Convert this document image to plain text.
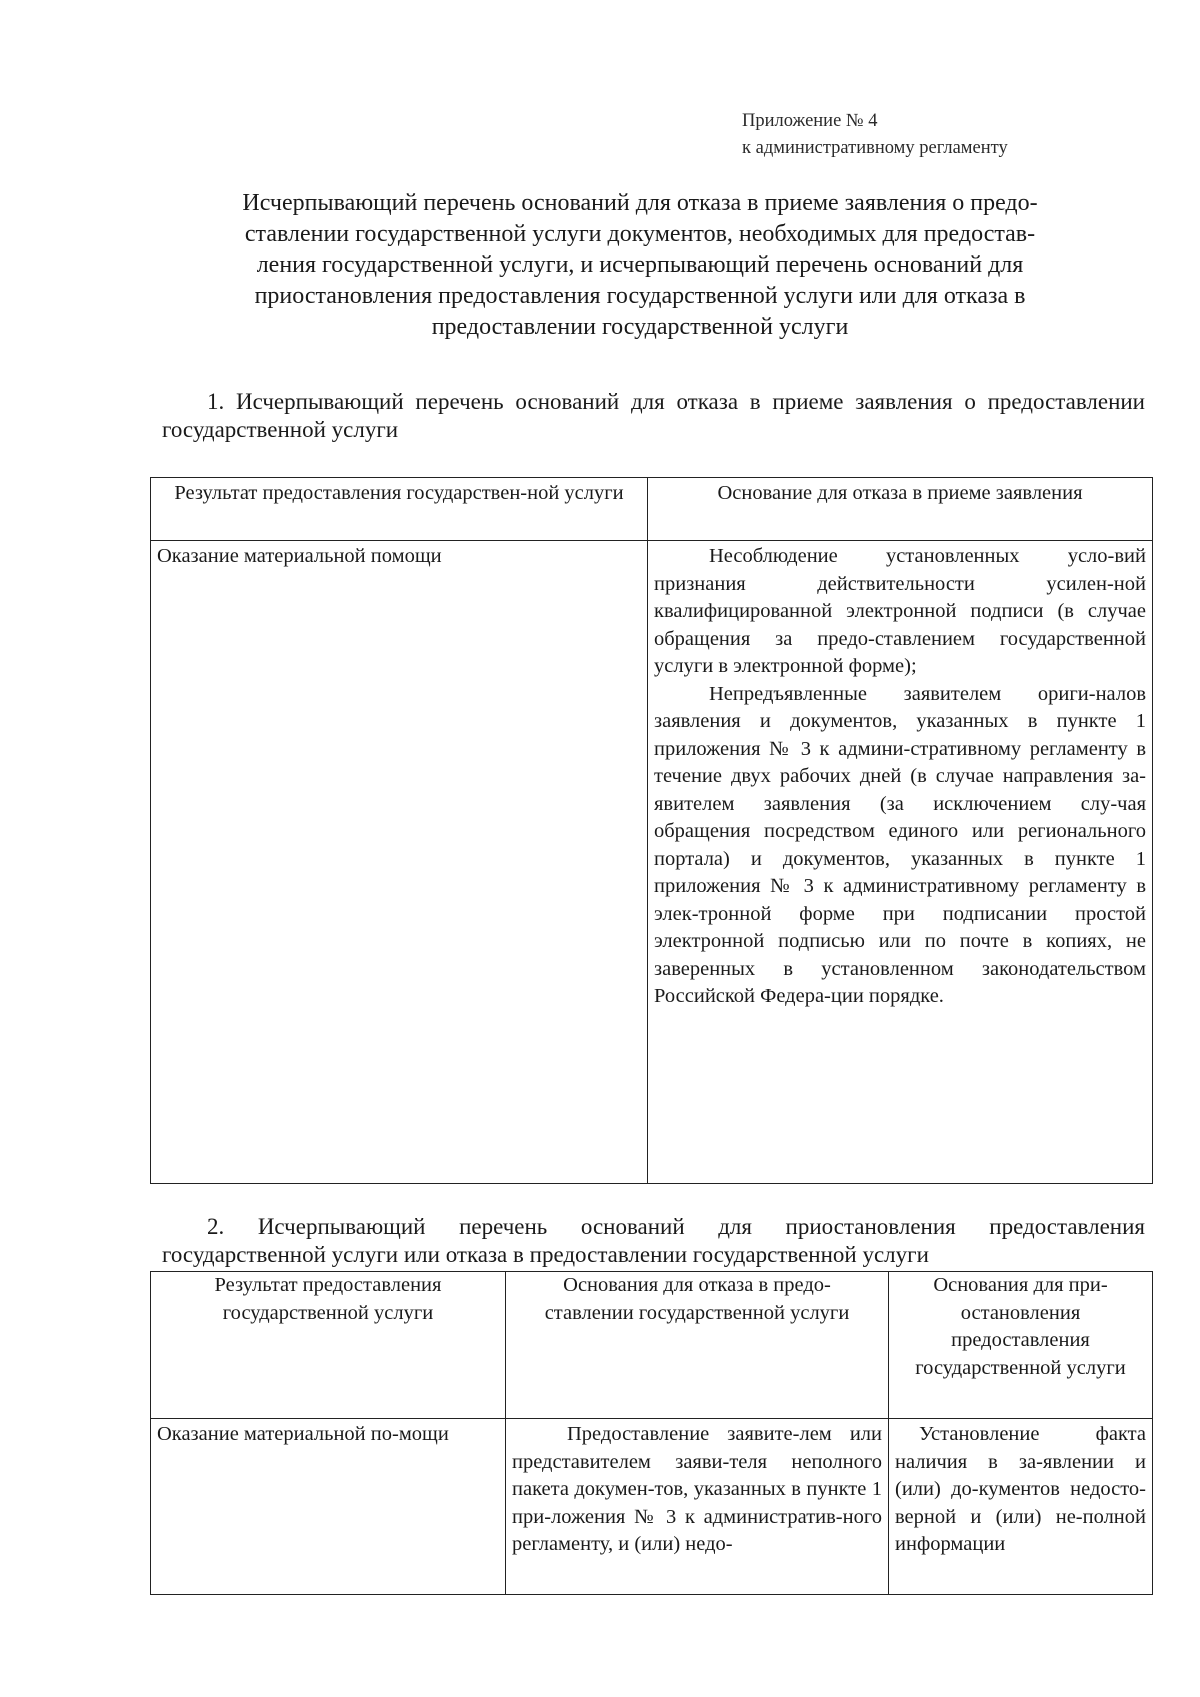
Приложение № 4
к административному регламенту
Исчерпывающий перечень оснований для отказа в приеме заявления о предо-
ставлении государственной услуги документов, необходимых для предостав-
ления государственной услуги, и исчерпывающий перечень оснований для
приостановления предоставления государственной услуги или для отказа в
предоставлении государственной услуги

1. Исчерпывающий перечень оснований для отказа в приеме заявления о предоставлении государственной услуги

Результат предоставления государствен-ной услуги	Основание для отказа в приеме заявления
Оказание материальной помощи	Несоблюдение установленных усло-вий признания действительности усилен-ной квалифицированной электронной подписи (в случае обращения за предо-ставлением государственной услуги в электронной форме);

Непредъявленные заявителем ориги-налов заявления и документов, указанных в пункте 1 приложения № 3 к админи-стративному регламенту в течение двух рабочих дней (в случае направления за-явителем заявления (за исключением слу-чая обращения посредством единого или регионального портала) и документов, указанных в пункте 1 приложения № 3 к административному регламенту в элек-тронной форме при подписании простой электронной подписью или по почте в копиях, не заверенных в установленном законодательством Российской Федера-ции порядке.

2. Исчерпывающий перечень оснований для приостановления предоставления государственной услуги или отказа в предоставлении государственной услуги

Результат предоставления государственной услуги	Основания для отказа в предо-ставлении государственной услуги	Основания для при-остановления предоставления государственной услуги

Оказание материальной по-мощи	Предоставление заявите-лем или представителем заяви-теля неполного пакета докумен-тов, указанных в пункте 1 при-ложения № 3 к административ-ного регламенту, и (или) недо-	Установление факта наличия в за-явлении и (или) до-кументов недосто-верной и (или) не-полной информации
